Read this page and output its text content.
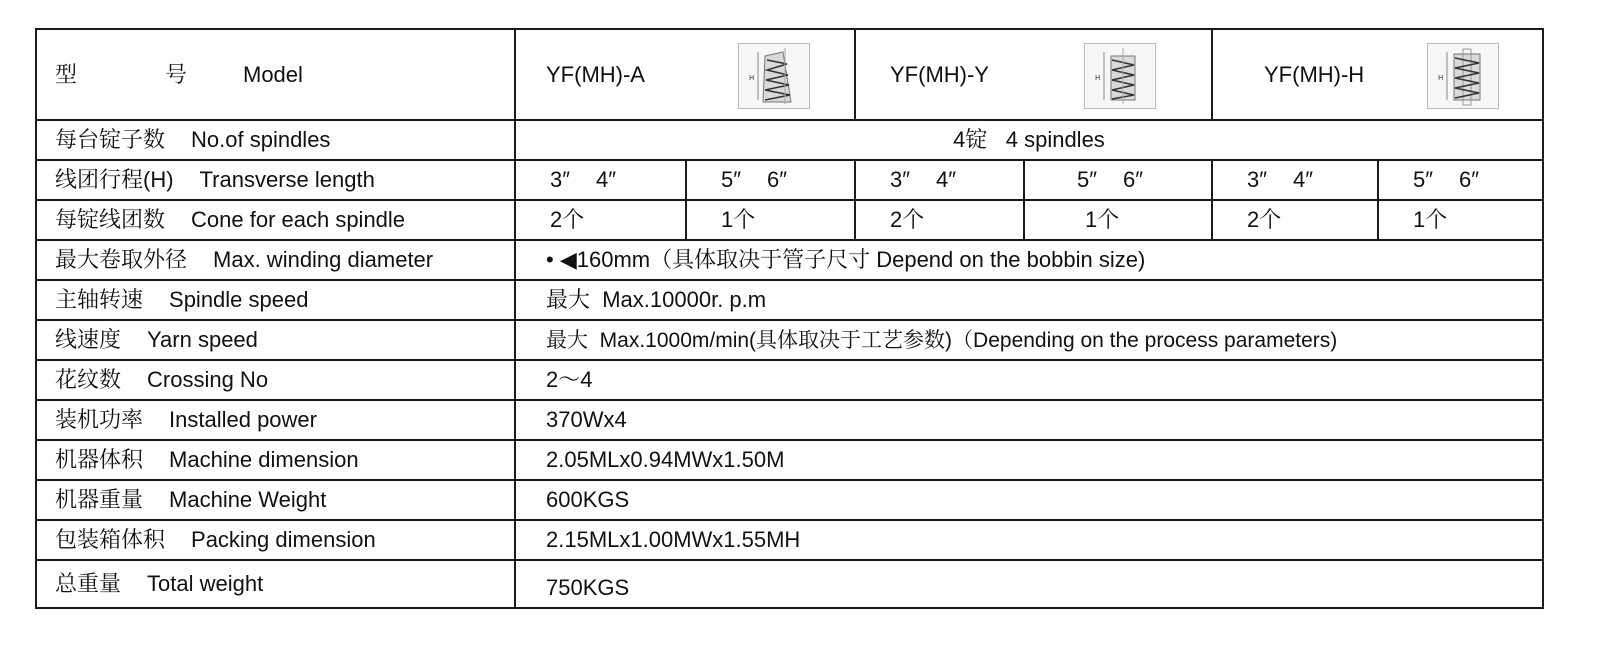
型 号 Model	YF(MH)-A H		YF(MH)-Y H		YF(MH)-H H	

每台锭子数 No.of spindles	4锭   4 spindles					
线团行程(H) Transverse length	3″ 4″	5″ 6″	3″ 4″	5″ 6″	3″ 4″	5″ 6″
每锭线团数 Cone for each spindle	2个	1个	2个	1个	2个	1个
最大卷取外径 Max. winding diameter	• ◀160mm（具体取决于管子尺寸 Depend on the bobbin size)					
主轴转速 Spindle speed	最大  Max.10000r. p.m					
线速度 Yarn speed	最大  Max.1000m/min(具体取决于工艺参数)（Depending on the process parameters)					
花纹数 Crossing No	2～4					
装机功率 Installed power	370Wx4					
机器体积 Machine dimension	2.05MLx0.94MWx1.50M					
机器重量 Machine Weight	600KGS					
包装箱体积 Packing dimension	2.15MLx1.00MWx1.55MH					
总重量 Total weight	750KGS					
